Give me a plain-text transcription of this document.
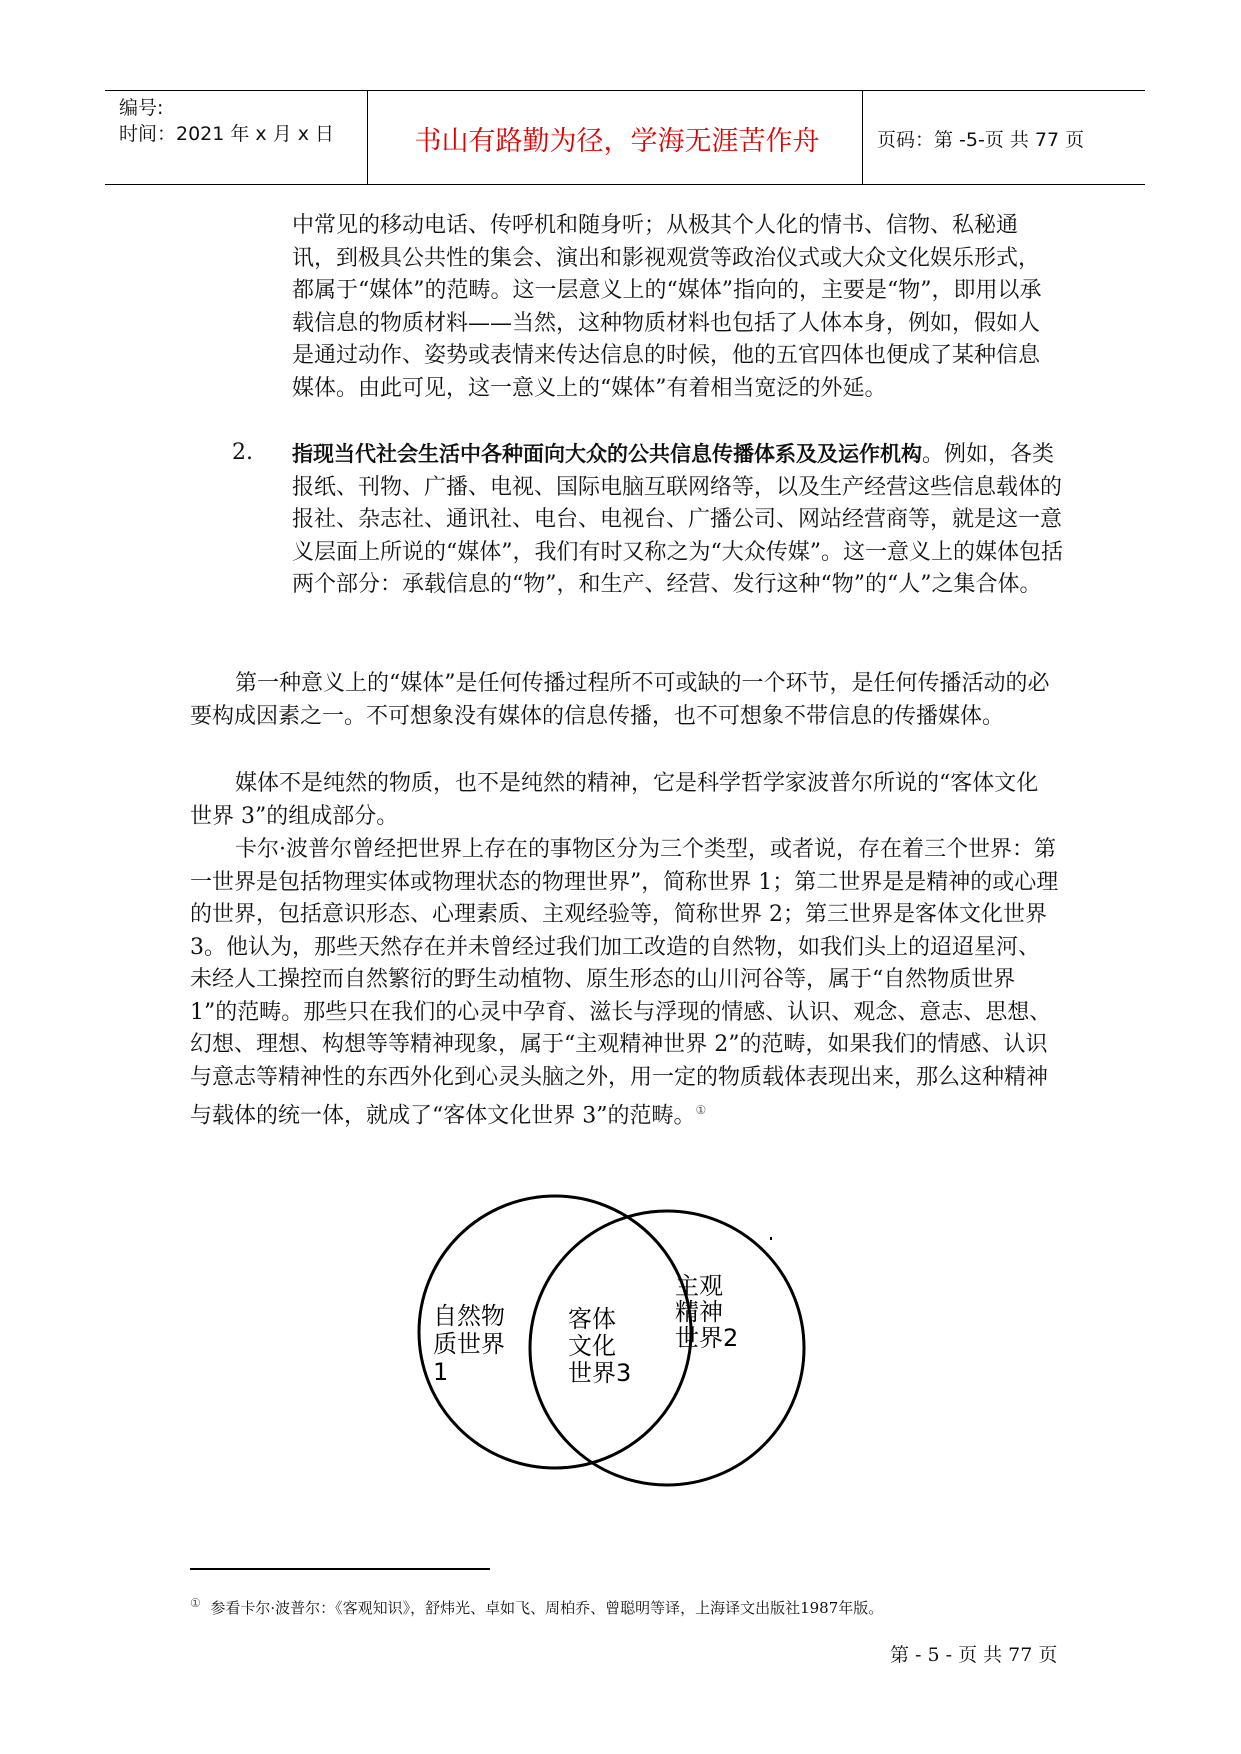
编号:
时间：2021 年 x 月 x 日	书山有路勤为径，学海无涯苦作舟	页码：第 -5-页 共 77 页

中常见的移动电话、传呼机和随身听；从极其个人化的情书、信物、私秘通讯，到极具公共性的集会、演出和影视观赏等政治仪式或大众文化娱乐形式，都属于“媒体”的范畴。这一层意义上的“媒体”指向的，主要是“物”，即用以承载信息的物质材料——当然，这种物质材料也包括了人体本身，例如，假如人是通过动作、姿势或表情来传达信息的时候，他的五官四体也便成了某种信息媒体。由此可见，这一意义上的“媒体”有着相当宽泛的外延。

2. 指现当代社会生活中各种面向大众的公共信息传播体系及及运作机构。例如，各类报纸、刊物、广播、电视、国际电脑互联网络等，以及生产经营这些信息载体的报社、杂志社、通讯社、电台、电视台、广播公司、网站经营商等，就是这一意义层面上所说的“媒体”，我们有时又称之为“大众传媒”。这一意义上的媒体包括两个部分：承载信息的“物”，和生产、经营、发行这种“物”的“人”之集合体。

第一种意义上的“媒体”是任何传播过程所不可或缺的一个环节，是任何传播活动的必要构成因素之一。不可想象没有媒体的信息传播，也不可想象不带信息的传播媒体。

媒体不是纯然的物质，也不是纯然的精神，它是科学哲学家波普尔所说的“客体文化世界 3”的组成部分。

卡尔·波普尔曾经把世界上存在的事物区分为三个类型，或者说，存在着三个世界：第一世界是包括物理实体或物理状态的物理世界”，简称世界 1；第二世界是是精神的或心理的世界，包括意识形态、心理素质、主观经验等，简称世界 2；第三世界是客体文化世界 3。他认为，那些天然存在并未曾经过我们加工改造的自然物，如我们头上的迢迢星河、未经人工操控而自然繁衍的野生动植物、原生形态的山川河谷等，属于“自然物质世界 1”的范畴。那些只在我们的心灵中孕育、滋长与浮现的情感、认识、观念、意志、思想、幻想、理想、构想等等精神现象，属于“主观精神世界 2”的范畴，如果我们的情感、认识与意志等精神性的东西外化到心灵头脑之外，用一定的物质载体表现出来，那么这种精神与载体的统一体，就成了“客体文化世界 3”的范畴。①

自然物
质世界
1
客体
文化
世界3
主观
精神
世界2
① 参看卡尔·波普尔：《客观知识》，舒炜光、卓如飞、周柏乔、曾聪明等译，上海译文出版社1987年版。
第 - 5 - 页 共 77 页
